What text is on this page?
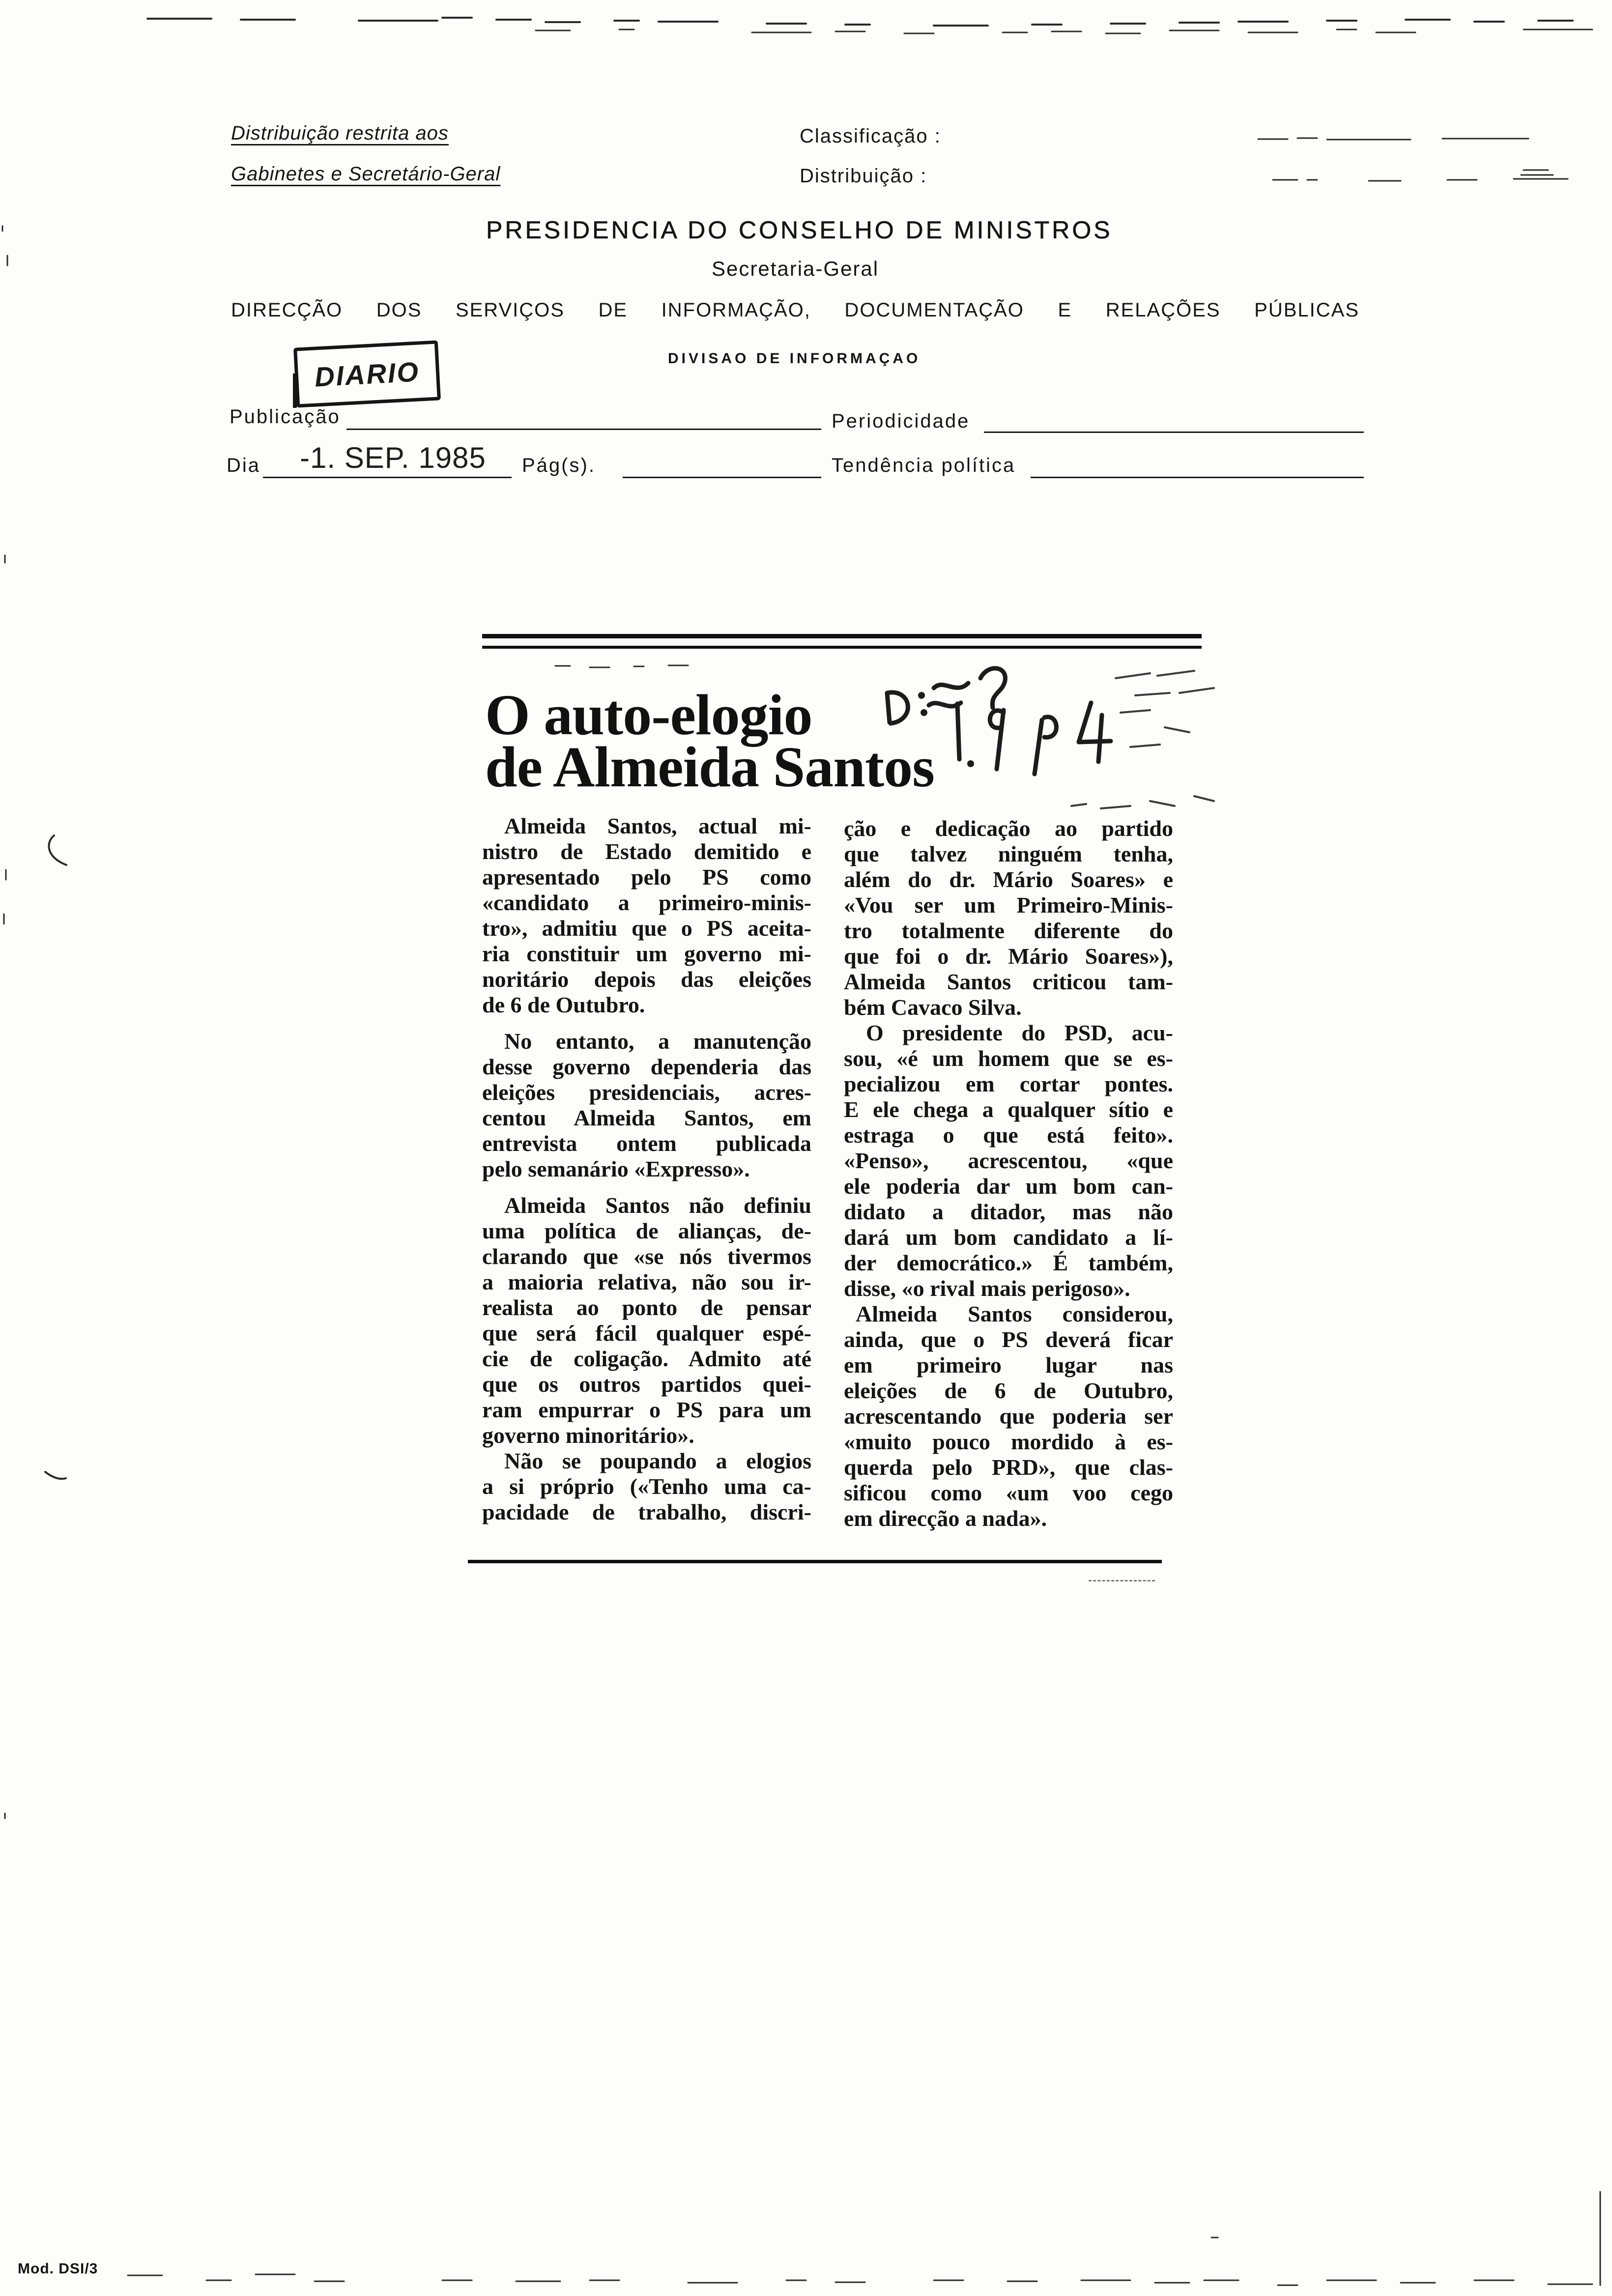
Distribuição restrita aos
Gabinetes e Secretário-Geral
Classificação :
Distribuição :
PRESIDENCIA DO CONSELHO DE MINISTROS
Secretaria-Geral
DIRECÇÃO DOS SERVIÇOS DE INFORMAÇÃO, DOCUMENTAÇÃO E RELAÇÕES PÚBLICAS
DIVISAO DE INFORMAÇAO
DIARIO
Publicação	Periodicidade
Dia -1. SEP. 1985 Pág(s).	Tendência política
O auto-elogio
de Almeida Santos
Almeida Santos, actual mi-
nistro de Estado demitido e
apresentado pelo PS como
«candidato a primeiro-minis-
tro», admitiu que o PS aceita-
ria constituir um governo mi-
noritário depois das eleições
de 6 de Outubro.
No entanto, a manutenção
desse governo dependeria das
eleições presidenciais, acres-
centou Almeida Santos, em
entrevista ontem publicada
pelo semanário «Expresso».
Almeida Santos não definiu
uma política de alianças, de-
clarando que «se nós tivermos
a maioria relativa, não sou ir-
realista ao ponto de pensar
que será fácil qualquer espé-
cie de coligação. Admito até
que os outros partidos quei-
ram empurrar o PS para um
governo minoritário».
Não se poupando a elogios
a si próprio («Tenho uma ca-
pacidade de trabalho, discri-
ção e dedicação ao partido
que talvez ninguém tenha,
além do dr. Mário Soares» e
«Vou ser um Primeiro-Minis-
tro totalmente diferente do
que foi o dr. Mário Soares»),
Almeida Santos criticou tam-
bém Cavaco Silva.
O presidente do PSD, acu-
sou, «é um homem que se es-
pecializou em cortar pontes.
E ele chega a qualquer sítio e
estraga o que está feito».
«Penso», acrescentou, «que
ele poderia dar um bom can-
didato a ditador, mas não
dará um bom candidato a lí-
der democrático.» É também,
disse, «o rival mais perigoso».
Almeida Santos considerou,
ainda, que o PS deverá ficar
em primeiro lugar nas
eleições de 6 de Outubro,
acrescentando que poderia ser
«muito pouco mordido à es-
querda pelo PRD», que clas-
sificou como «um voo cego
em direcção a nada».
Mod. DSI/3
